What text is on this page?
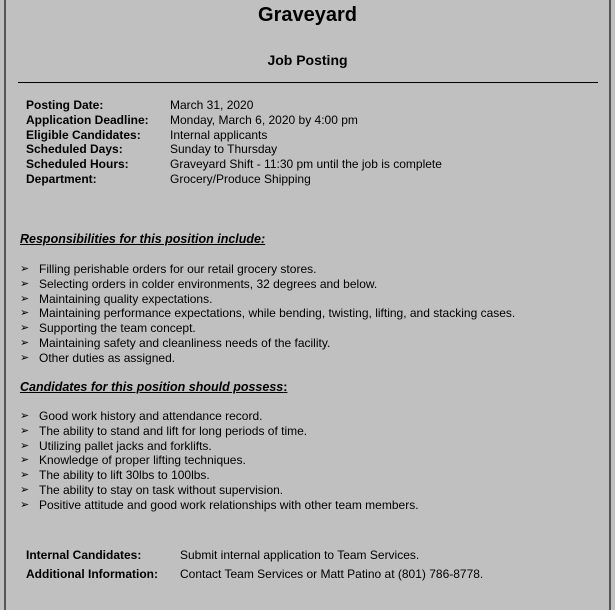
Graveyard
Job Posting
Posting Date:	March 31, 2020
Application Deadline:	Monday, March 6, 2020 by 4:00 pm
Eligible Candidates:	Internal applicants
Scheduled Days:	Sunday to Thursday
Scheduled Hours:	Graveyard Shift - 11:30 pm until the job is complete
Department:	Grocery/Produce Shipping
Responsibilities for this position include:
➢ Filling perishable orders for our retail grocery stores.
➢ Selecting orders in colder environments, 32 degrees and below.
➢ Maintaining quality expectations.
➢ Maintaining performance expectations, while bending, twisting, lifting, and stacking cases.
➢ Supporting the team concept.
➢ Maintaining safety and cleanliness needs of the facility.
➢ Other duties as assigned.
Candidates for this position should possess:
➢ Good work history and attendance record.
➢ The ability to stand and lift for long periods of time.
➢ Utilizing pallet jacks and forklifts.
➢ Knowledge of proper lifting techniques.
➢ The ability to lift 30lbs to 100lbs.
➢ The ability to stay on task without supervision.
➢ Positive attitude and good work relationships with other team members.
Internal Candidates:	Submit internal application to Team Services.
Additional Information:	Contact Team Services or Matt Patino at (801) 786-8778.
